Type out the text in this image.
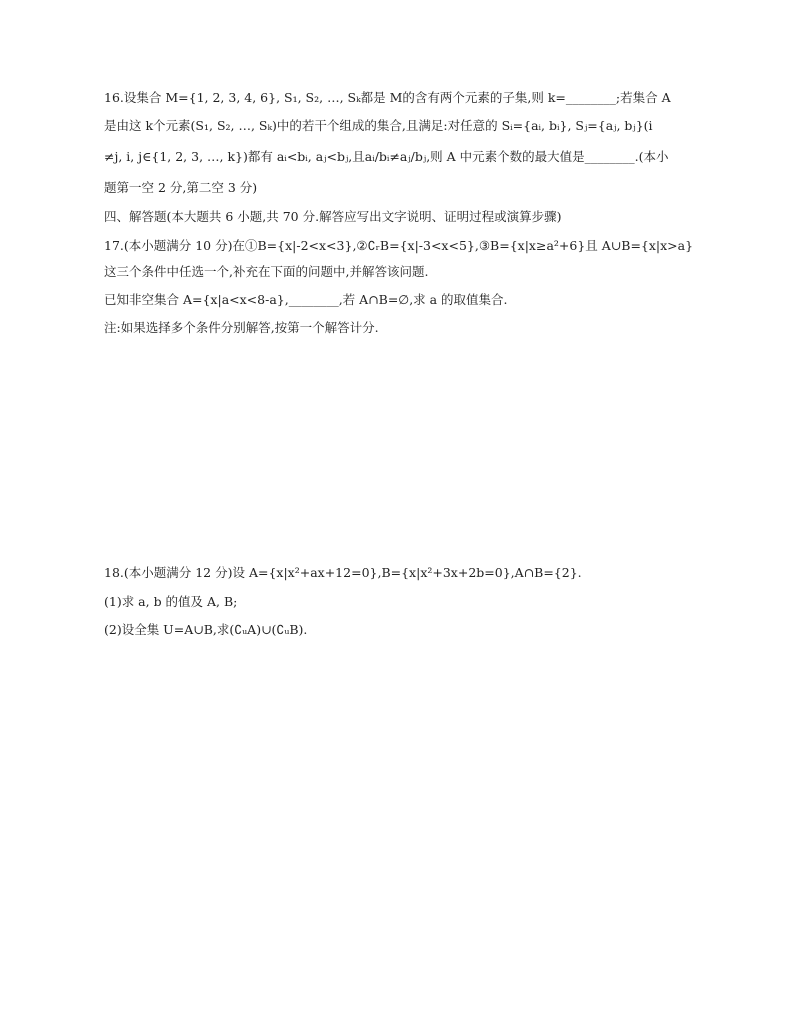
16.设集合 M={1, 2, 3, 4, 6}, S₁, S₂, …, Sₖ都是 M的含有两个元素的子集,则 k=________;若集合 A
是由这 k个元素(S₁, S₂, …, Sₖ)中的若干个组成的集合,且满足:对任意的 Sᵢ={aᵢ, bᵢ}, Sⱼ={aⱼ, bⱼ}(i
≠j, i, j∈{1, 2, 3, …, k})都有 aᵢ<bᵢ, aⱼ<bⱼ,且aᵢ/bᵢ≠aⱼ/bⱼ,则 A 中元素个数的最大值是________.(本小
题第一空 2 分,第二空 3 分)
四、解答题(本大题共 6 小题,共 70 分.解答应写出文字说明、证明过程或演算步骤)
17.(本小题满分 10 分)在①B={x|-2<x<3},②∁ᵣB={x|-3<x<5},③B={x|x≥a²+6}且 A∪B={x|x>a}
这三个条件中任选一个,补充在下面的问题中,并解答该问题.
已知非空集合 A={x|a<x<8-a},________,若 A∩B=∅,求 a 的取值集合.
注:如果选择多个条件分别解答,按第一个解答计分.
18.(本小题满分 12 分)设 A={x|x²+ax+12=0},B={x|x²+3x+2b=0},A∩B={2}.
(1)求 a, b 的值及 A, B;
(2)设全集 U=A∪B,求(∁ᵤA)∪(∁ᵤB).
